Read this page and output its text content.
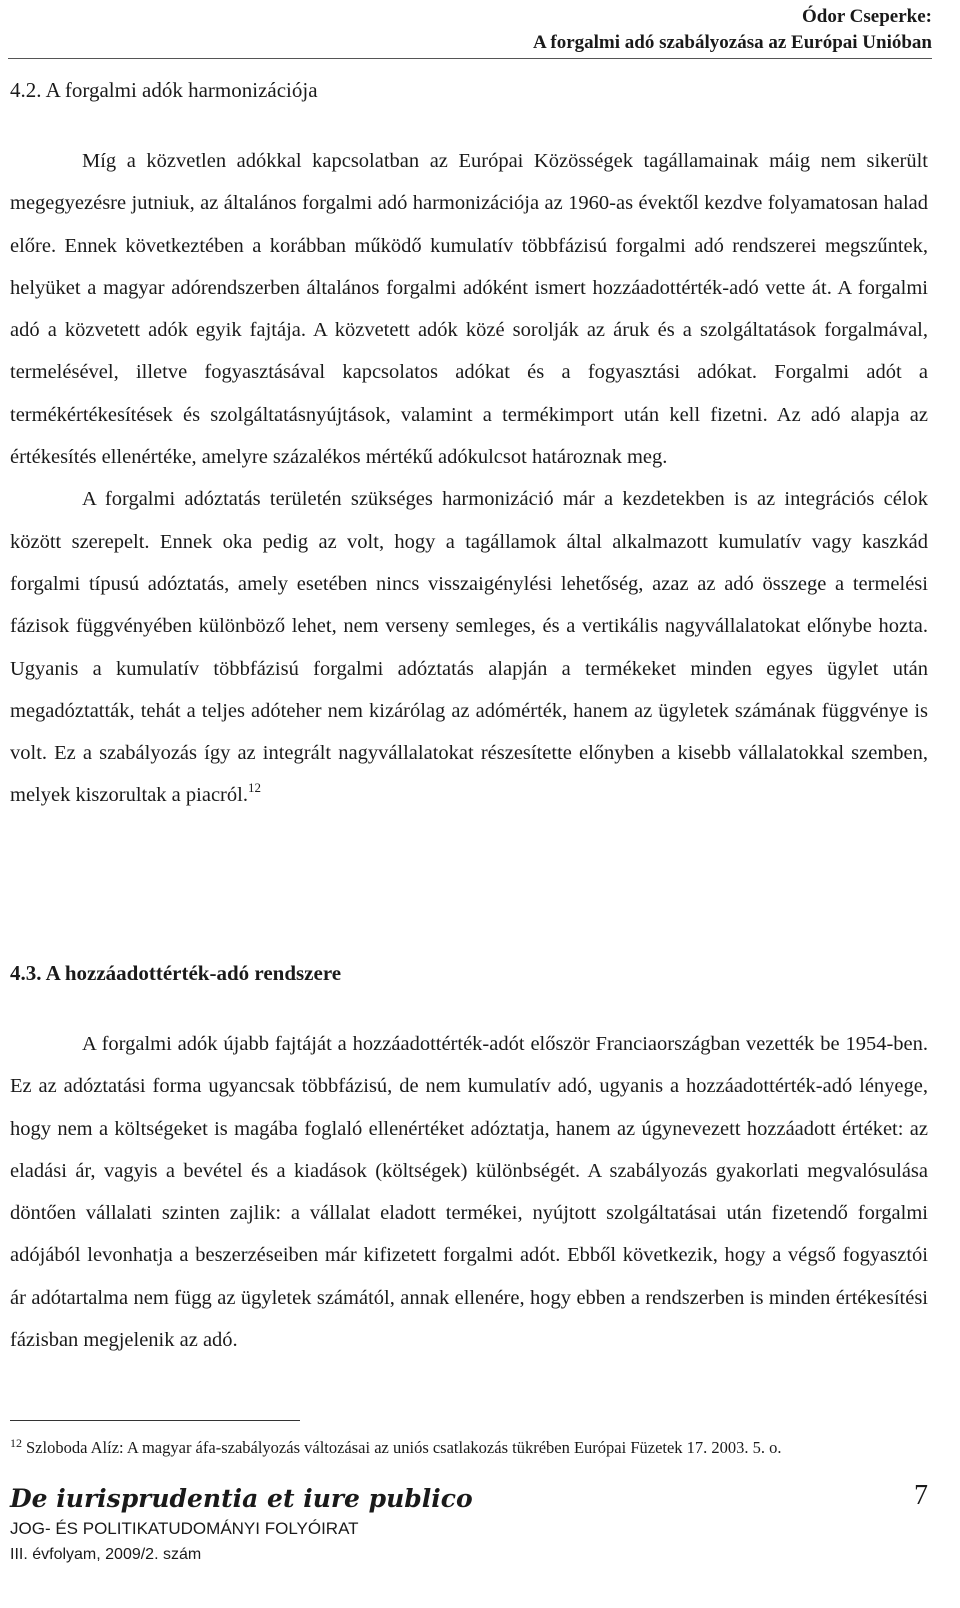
Ódor Cseperke:
A forgalmi adó szabályozása az Európai Unióban
4.2. A forgalmi adók harmonizációja

Míg a közvetlen adókkal kapcsolatban az Európai Közösségek tagállamainak máig nem sikerült megegyezésre jutniuk, az általános forgalmi adó harmonizációja az 1960-as évektől kezdve folyamatosan halad előre. Ennek következtében a korábban működő kumulatív többfázisú forgalmi adó rendszerei megszűntek, helyüket a magyar adórendszerben általános forgalmi adóként ismert hozzáadottérték-adó vette át. A forgalmi adó a közvetett adók egyik fajtája. A közvetett adók közé sorolják az áruk és a szolgáltatások forgalmával, termelésével, illetve fogyasztásával kapcsolatos adókat és a fogyasztási adókat. Forgalmi adót a termékértékesítések és szolgáltatásnyújtások, valamint a termékimport után kell fizetni. Az adó alapja az értékesítés ellenértéke, amelyre százalékos mértékű adókulcsot határoznak meg.

A forgalmi adóztatás területén szükséges harmonizáció már a kezdetekben is az integrációs célok között szerepelt. Ennek oka pedig az volt, hogy a tagállamok által alkalmazott kumulatív vagy kaszkád forgalmi típusú adóztatás, amely esetében nincs visszaigénylési lehetőség, azaz az adó összege a termelési fázisok függvényében különböző lehet, nem verseny semleges, és a vertikális nagyvállalatokat előnybe hozta. Ugyanis a kumulatív többfázisú forgalmi adóztatás alapján a termékeket minden egyes ügylet után megadóztatták, tehát a teljes adóteher nem kizárólag az adómérték, hanem az ügyletek számának függvénye is volt. Ez a szabályozás így az integrált nagyvállalatokat részesítette előnyben a kisebb vállalatokkal szemben, melyek kiszorultak a piacról.$^{12}$

4.3. A hozzáadottérték-adó rendszere

A forgalmi adók újabb fajtáját a hozzáadottérték-adót először Franciaországban vezették be 1954-ben. Ez az adóztatási forma ugyancsak többfázisú, de nem kumulatív adó, ugyanis a hozzáadottérték-adó lényege, hogy nem a költségeket is magába foglaló ellenértéket adóztatja, hanem az úgynevezett hozzáadott értéket: az eladási ár, vagyis a bevétel és a kiadások (költségek) különbségét. A szabályozás gyakorlati megvalósulása döntően vállalati szinten zajlik: a vállalat eladott termékei, nyújtott szolgáltatásai után fizetendő forgalmi adójából levonhatja a beszerzéseiben már kifizetett forgalmi adót. Ebből következik, hogy a végső fogyasztói ár adótartalma nem függ az ügyletek számától, annak ellenére, hogy ebben a rendszerben is minden értékesítési fázisban megjelenik az adó.

$^{12}$ Szloboda Alíz: A magyar áfa-szabályozás változásai az uniós csatlakozás tükrében Európai Füzetek 17. 2003. 5. o.
De iurisprudentia et iure publico
JOG- ÉS POLITIKATUDOMÁNYI FOLYÓIRAT
III. évfolyam, 2009/2. szám
7
